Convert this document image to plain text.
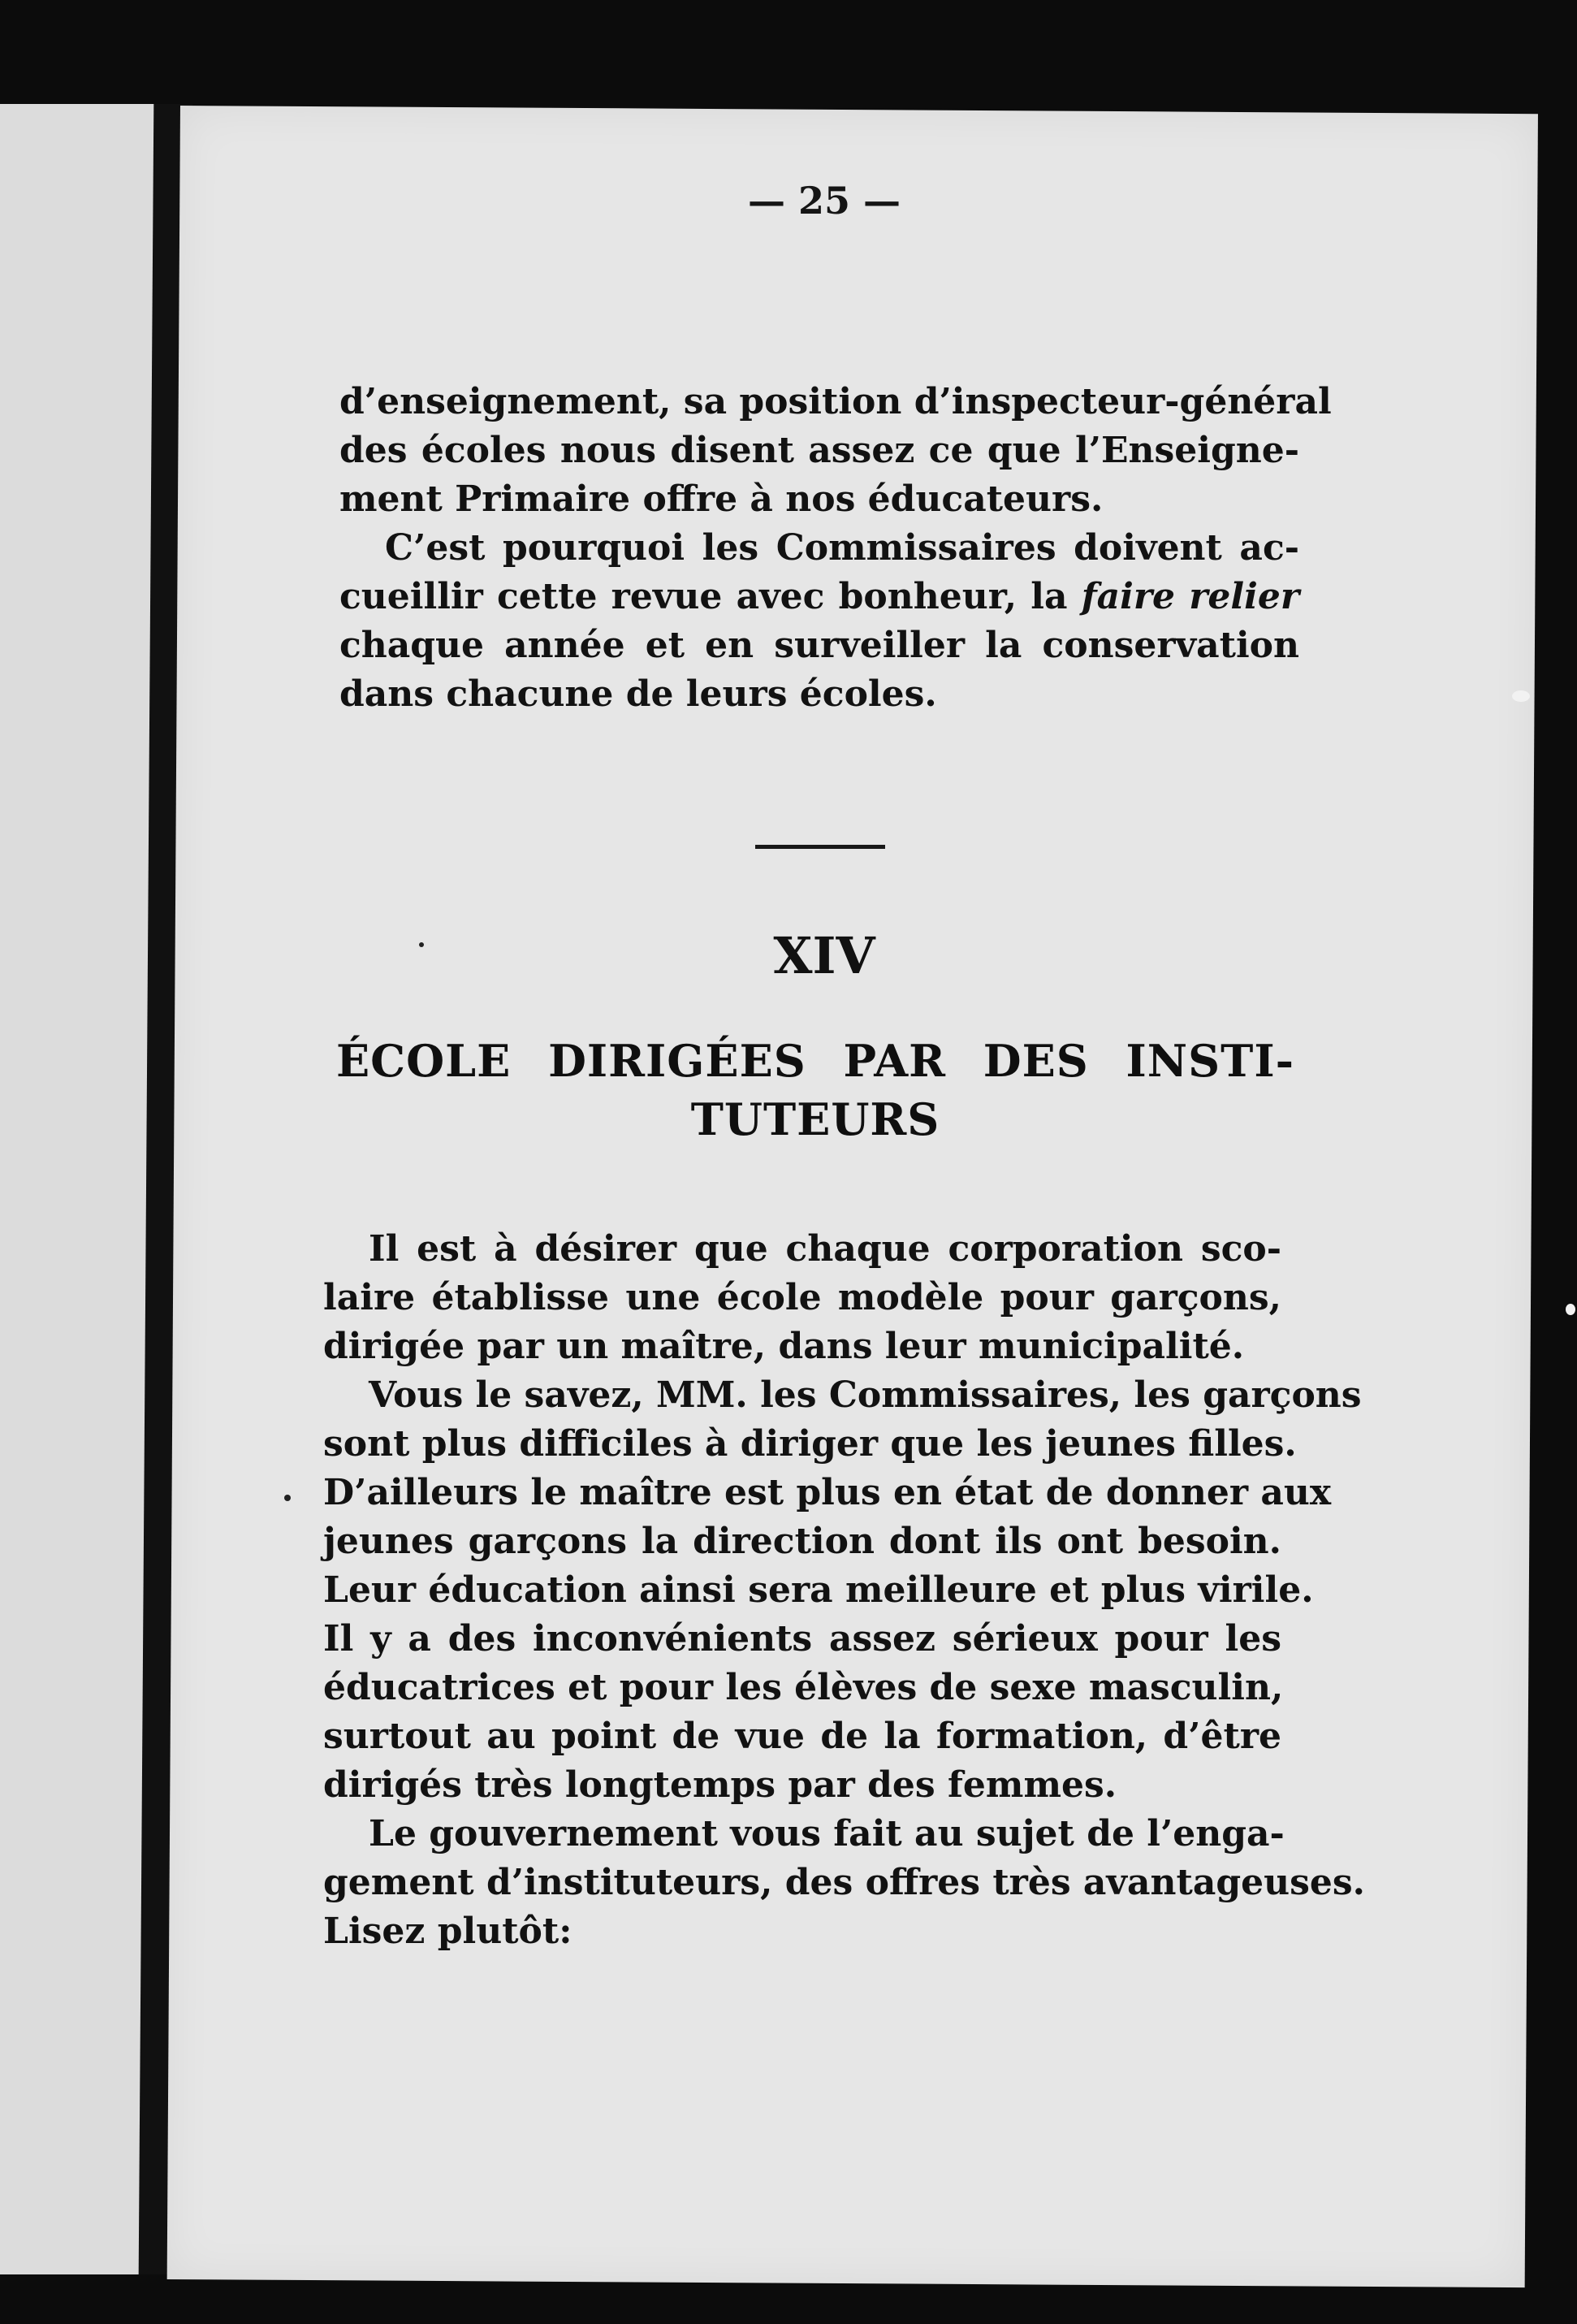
— 25 —
d’enseignement, sa position d’inspecteur-général
des écoles nous disent assez ce que l’Enseigne-
ment Primaire offre à nos éducateurs.
C’est pourquoi les Commissaires doivent ac-
cueillir cette revue avec bonheur, la faire relier
chaque année et en surveiller la conservation
dans chacune de leurs écoles.
XIV
ÉCOLE DIRIGÉES PAR DES INSTI-
TUTEURS
Il est à désirer que chaque corporation sco-
laire établisse une école modèle pour garçons,
dirigée par un maître, dans leur municipalité.
Vous le savez, MM. les Commissaires, les garçons
sont plus difficiles à diriger que les jeunes filles.
D’ailleurs le maître est plus en état de donner aux
jeunes garçons la direction dont ils ont besoin.
Leur éducation ainsi sera meilleure et plus virile.
Il y a des inconvénients assez sérieux pour les
éducatrices et pour les élèves de sexe masculin,
surtout au point de vue de la formation, d’être
dirigés très longtemps par des femmes.
Le gouvernement vous fait au sujet de l’enga-
gement d’instituteurs, des offres très avantageuses.
Lisez plutôt:
